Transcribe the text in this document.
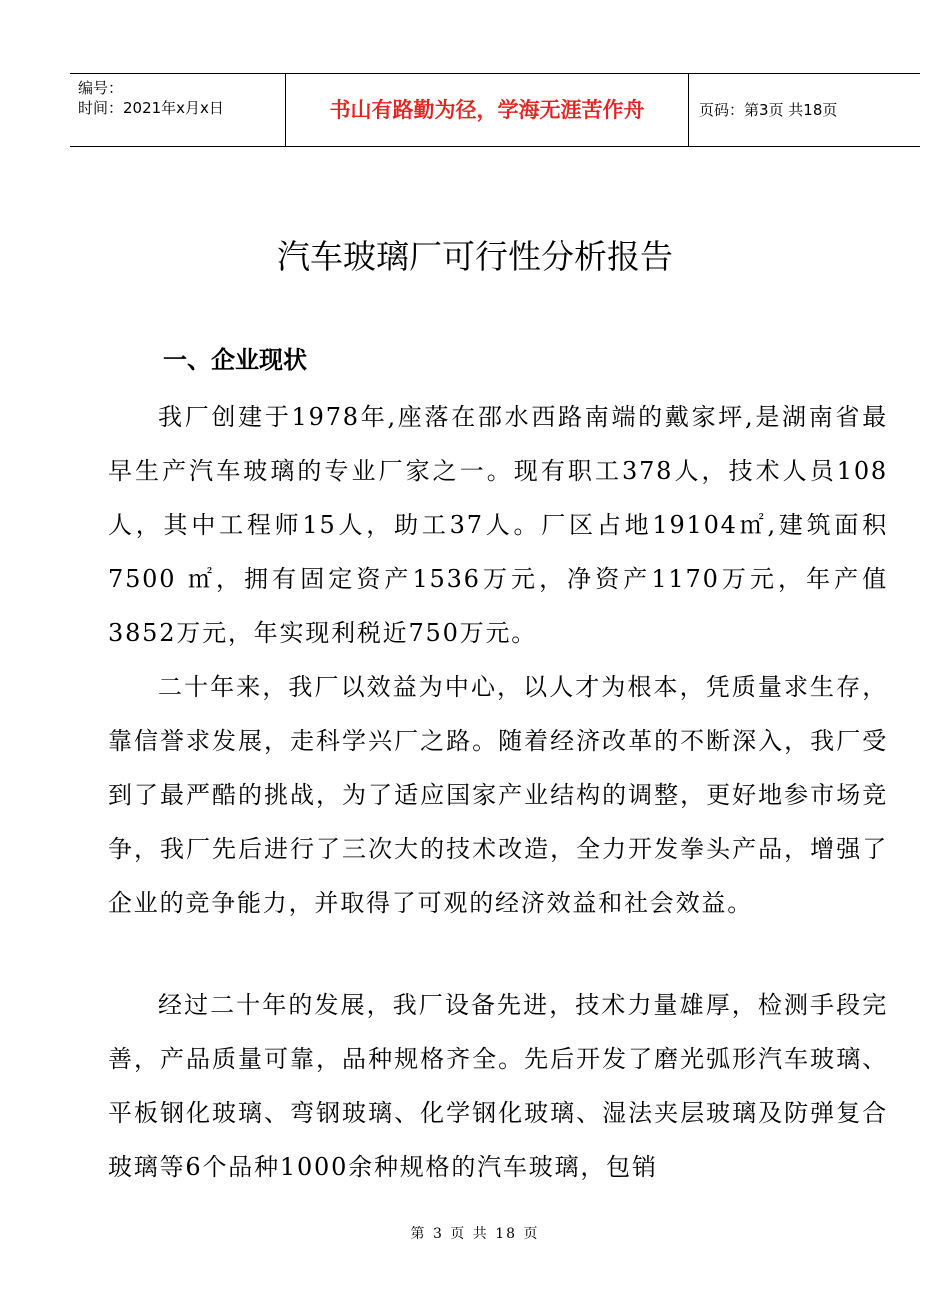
编号：
时间：2021年x月x日	书山有路勤为径，学海无涯苦作舟	页码：第3页 共18页
汽车玻璃厂可行性分析报告
一、企业现状

我厂创建于1978年,座落在邵水西路南端的戴家坪,是湖南省最早生产汽车玻璃的专业厂家之一。现有职工378人，技术人员108人，其中工程师15人，助工37人。厂区占地19104㎡,建筑面积7500 ㎡，拥有固定资产1536万元，净资产1170万元，年产值3852万元，年实现利税近750万元。

二十年来，我厂以效益为中心，以人才为根本，凭质量求生存，靠信誉求发展，走科学兴厂之路。随着经济改革的不断深入，我厂受到了最严酷的挑战，为了适应国家产业结构的调整，更好地参市场竞争，我厂先后进行了三次大的技术改造，全力开发拳头产品，增强了企业的竞争能力，并取得了可观的经济效益和社会效益。

经过二十年的发展，我厂设备先进，技术力量雄厚，检测手段完善，产品质量可靠，品种规格齐全。先后开发了磨光弧形汽车玻璃、平板钢化玻璃、弯钢玻璃、化学钢化玻璃、湿法夹层玻璃及防弹复合玻璃等6个品种1000余种规格的汽车玻璃，包销

第 3 页 共 18 页
